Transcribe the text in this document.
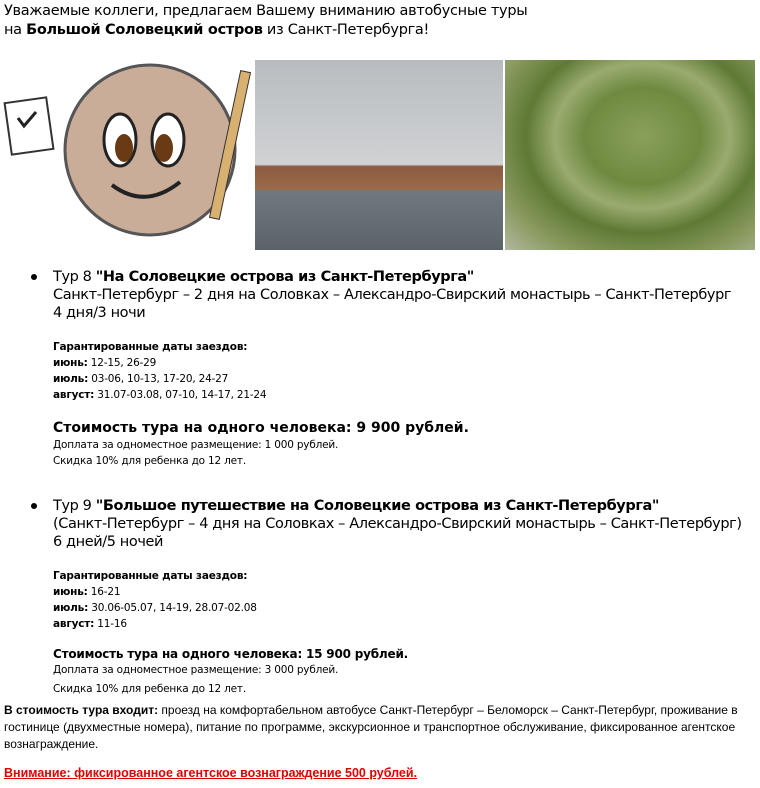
Уважаемые коллеги, предлагаем Вашему вниманию автобусные туры
на Большой Соловецкий остров из Санкт-Петербурга!
Тур 8 "На Соловецкие острова из Санкт-Петербурга"
Санкт-Петербург – 2 дня на Соловках – Александро-Свирский монастырь – Санкт-Петербург
4 дня/3 ночи
Гарантированные даты заездов:
июнь: 12-15, 26-29
июль: 03-06, 10-13, 17-20, 24-27
август: 31.07-03.08, 07-10, 14-17, 21-24
Стоимость тура на одного человека: 9 900 рублей.
Доплата за одноместное размещение: 1 000 рублей.
Скидка 10% для ребенка до 12 лет.
Тур 9 "Большое путешествие на Соловецкие острова из Санкт-Петербурга"
(Санкт-Петербург – 4 дня на Соловках – Александро-Свирский монастырь – Санкт-Петербург) 6 дней/5 ночей
Гарантированные даты заездов:
июнь: 16-21
июль: 30.06-05.07, 14-19, 28.07-02.08
август: 11-16
Стоимость тура на одного человека: 15 900 рублей.
Доплата за одноместное размещение: 3 000 рублей.
Скидка 10% для ребенка до 12 лет.
В стоимость тура входит: проезд на комфортабельном автобусе Санкт-Петербург – Беломорск – Санкт-Петербург, проживание в гостинице (двухместные номера), питание по программе, экскурсионное и транспортное обслуживание, фиксированное агентское вознаграждение.
Внимание: фиксированное агентское вознаграждение 500 рублей.
